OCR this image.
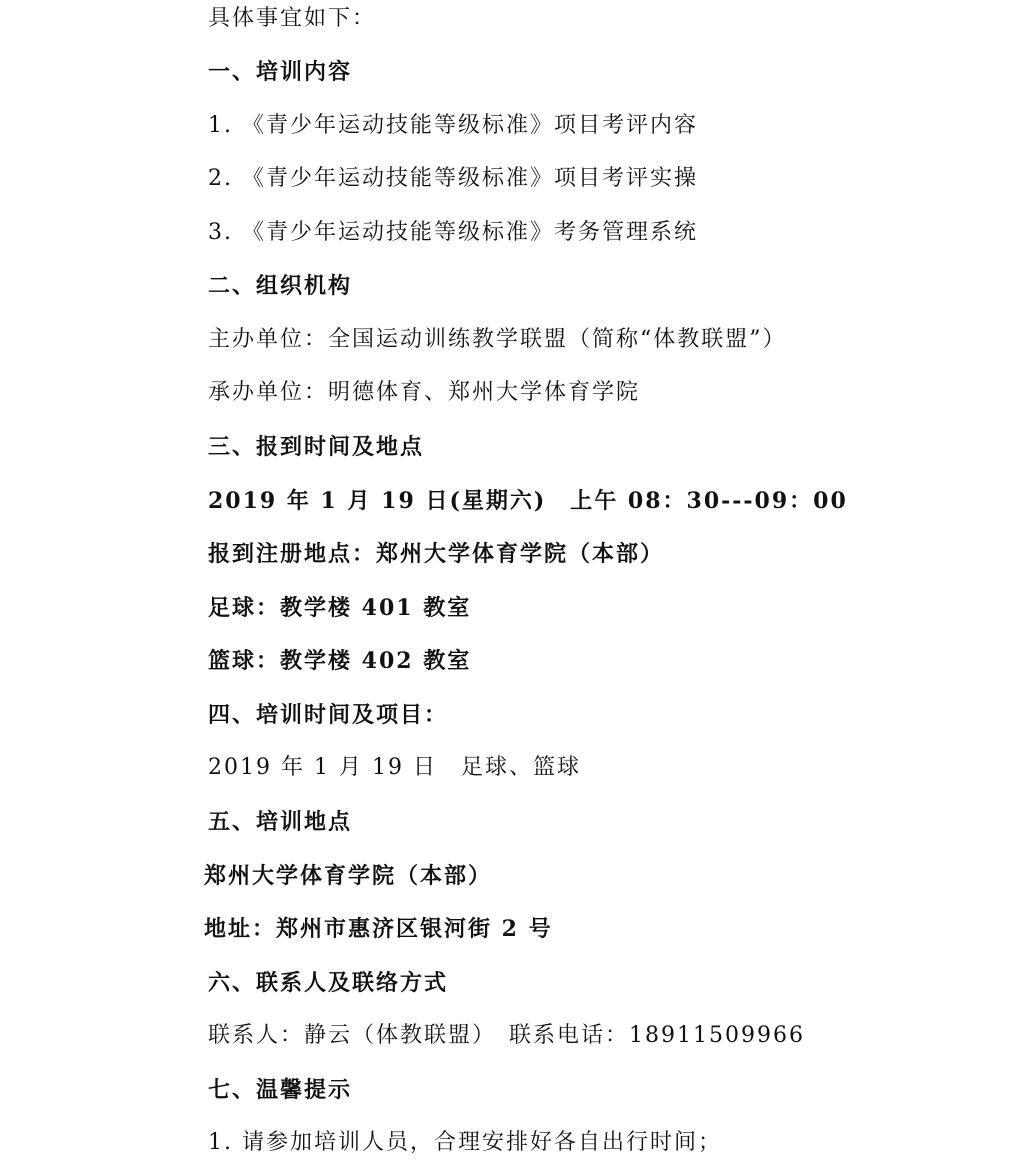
具体事宜如下：
一、培训内容
1. 《青少年运动技能等级标准》项目考评内容
2. 《青少年运动技能等级标准》项目考评实操
3. 《青少年运动技能等级标准》考务管理系统
二、组织机构
主办单位：全国运动训练教学联盟（简称“体教联盟”）
承办单位：明德体育、郑州大学体育学院
三、报到时间及地点
2019 年 1 月 19 日(星期六)　上午 08：30---09：00
报到注册地点：郑州大学体育学院（本部）
足球：教学楼 401 教室
篮球：教学楼 402 教室
四、培训时间及项目：
2019 年 1 月 19 日　足球、篮球
五、培训地点
郑州大学体育学院（本部）
地址：郑州市惠济区银河街 2 号
六、联系人及联络方式
联系人：静云（体教联盟）　联系电话：18911509966
七、温馨提示
1. 请参加培训人员，合理安排好各自出行时间；
